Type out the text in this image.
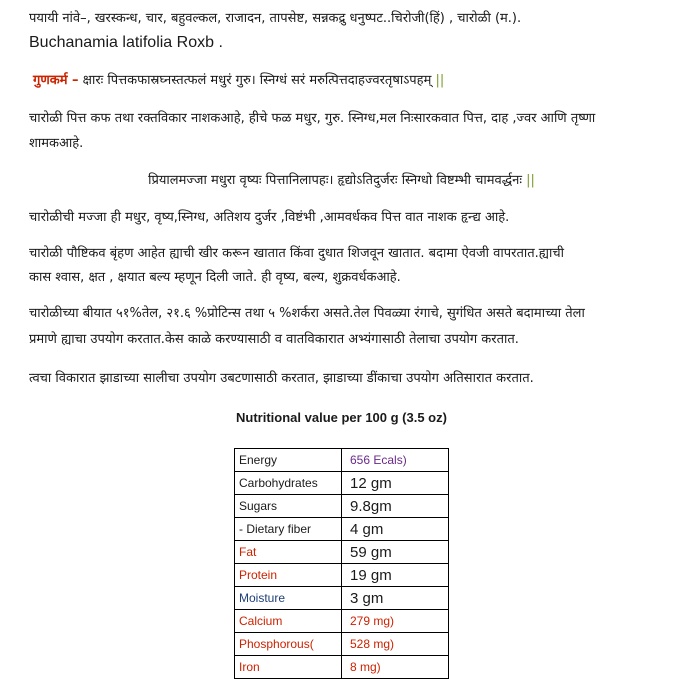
पयायी नांवे–, खरस्कन्ध, चार, बहुवल्कल, राजादन, तापसेष्ट, सन्नकद्रु धनुष्पट..चिरोजी(हिं) , चारोळी (म.).
Buchanamia latifolia Roxb .
गुणकर्म – क्षारः पित्तकफास्रघ्नस्तत्फलं मधुरं गुरु। स्निग्धं सरं मरुत्पित्तदाहज्वरतृषाऽपहम् ||
चारोळी पित्त कफ तथा रक्तविकार नाशकआहे, हीचे फळ मधुर, गुरु. स्निग्ध,मल निःसारकवात पित्त, दाह ,ज्वर आणि तृष्णा
शामकआहे.
प्रियालमज्जा मधुरा वृष्यः पित्तानिलापहः। हृद्योऽतिदुर्जरः स्निग्धो विष्टम्भी चामवर्द्धनः ||
चारोळीची मज्जा ही मधुर, वृष्य,स्निग्ध, अतिशय दुर्जर ,विष्टंभी ,आमवर्धकव पित्त वात नाशक हृन्द्य आहे.
चारोळी पौष्टिकव बृंहण आहेत ह्याची खीर करून खातात किंवा दुधात शिजवून खातात. बदामा ऐवजी वापरतात.ह्याची
कास श्वास, क्षत , क्षयात बल्य म्हणून दिली जाते. ही वृष्य, बल्य, शुक्रवर्धकआहे.
चारोळीच्या बीयात ५१%तेल, २१.६ %प्रोटिन्स तथा ५ %शर्करा असते.तेल पिवळ्या रंगाचे, सुगंधित असते बदामाच्या तेला
प्रमाणे ह्याचा उपयोग करतात.केस काळे करण्यासाठी व वातविकारात अभ्यंगासाठी तेलाचा उपयोग करतात.
त्वचा विकारात झाडाच्या सालीचा उपयोग उबटणासाठी करतात, झाडाच्या डींकाचा उपयोग अतिसारात करतात.
Nutritional value per 100 g (3.5 oz)
Energy	656 Ecals)
Carbohydrates	12 gm
Sugars	9.8gm
- Dietary fiber	4 gm
Fat	59 gm
Protein	19 gm
Moisture	3 gm
Calcium	279 mg)
Phosphorous(	528 mg)
Iron	8 mg)
